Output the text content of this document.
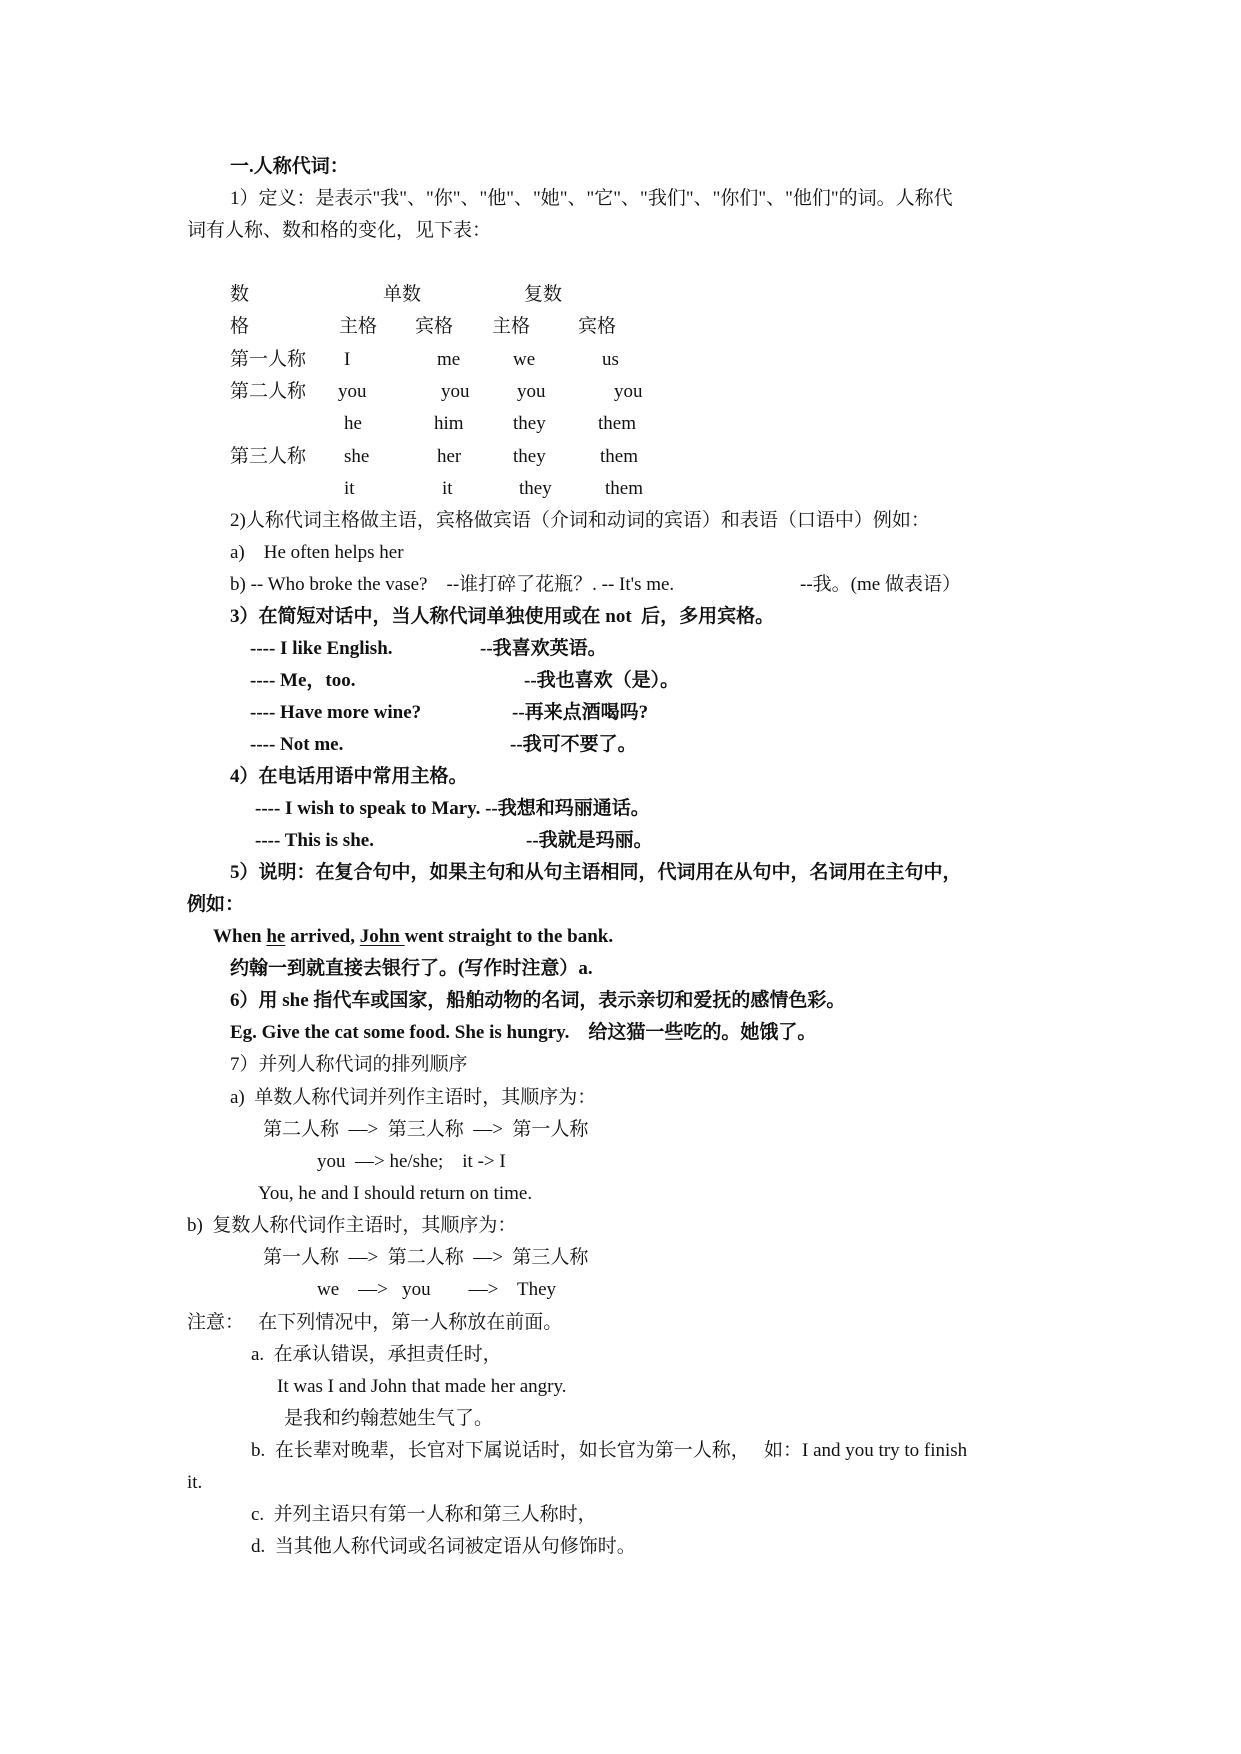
一.人称代词：
1）定义：是表示"我"、"你"、"他"、"她"、"它"、"我们"、"你们"、"他们"的词。人称代
词有人称、数和格的变化，见下表：
数	单数	复数
格	主格 宾格 主格	宾格
第一人称 I	me	we	us
第二人称 you	you	you	you
he	him	they	them
第三人称 she	her	they	them
it	it	they	them
2)人称代词主格做主语，宾格做宾语（介词和动词的宾语）和表语（口语中）例如：
a)    He often helps her
b) -- Who broke the vase?    --谁打碎了花瓶？. -- It's me.	--我。(me 做表语）
3）在简短对话中，当人称代词单独使用或在 not  后，多用宾格。
---- I like English.	--我喜欢英语。
---- Me，too.	--我也喜欢（是）。
---- Have more wine?	--再来点酒喝吗?
---- Not me.	--我可不要了。
4）在电话用语中常用主格。
---- I wish to speak to Mary. --我想和玛丽通话。
---- This is she.	--我就是玛丽。
5）说明：在复合句中，如果主句和从句主语相同，代词用在从句中，名词用在主句中，
例如：
When he arrived, John went straight to the bank.
约翰一到就直接去银行了。(写作时注意）a.
6）用 she 指代车或国家，船舶动物的名词，表示亲切和爱抚的感情色彩。
Eg. Give the cat some food. She is hungry.    给这猫一些吃的。她饿了。
7）并列人称代词的排列顺序
a)  单数人称代词并列作主语时，其顺序为：
第二人称  —>  第三人称  —>  第一人称
you  —> he/she;    it -> I
You, he and I should return on time.
b)  复数人称代词作主语时，其顺序为：
第一人称  —>  第二人称  —>  第三人称
we    —>   you        —>    They
注意：   在下列情况中，第一人称放在前面。
a.  在承认错误，承担责任时，
It was I and John that made her angry.
是我和约翰惹她生气了。
b.  在长辈对晚辈，长官对下属说话时，如长官为第一人称，   如：I and you try to finish
it.
c.  并列主语只有第一人称和第三人称时，
d.  当其他人称代词或名词被定语从句修饰时。
